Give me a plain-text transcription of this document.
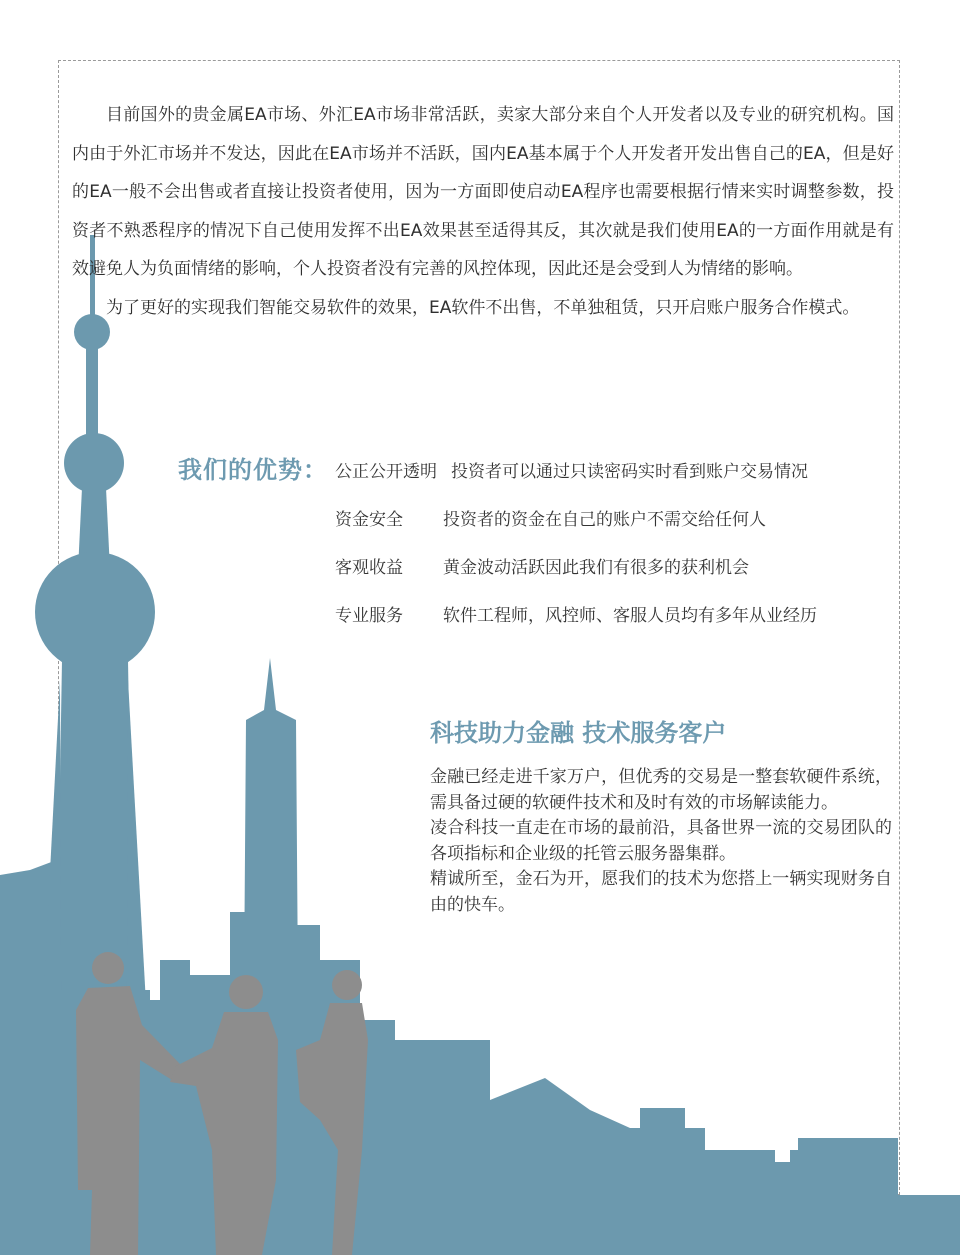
目前国外的贵金属EA市场、外汇EA市场非常活跃，卖家大部分来自个人开发者以及专业的研究机构。国内由于外汇市场并不发达，因此在EA市场并不活跃，国内EA基本属于个人开发者开发出售自己的EA，但是好的EA一般不会出售或者直接让投资者使用，因为一方面即使启动EA程序也需要根据行情来实时调整参数，投资者不熟悉程序的情况下自己使用发挥不出EA效果甚至适得其反，其次就是我们使用EA的一方面作用就是有效避免人为负面情绪的影响，个人投资者没有完善的风控体现，因此还是会受到人为情绪的影响。

为了更好的实现我们智能交易软件的效果，EA软件不出售，不单独租赁，只开启账户服务合作模式。

我们的优势： 公正公开透明 投资者可以通过只读密码实时看到账户交易情况
资金安全	投资者的资金在自己的账户不需交给任何人
客观收益	黄金波动活跃因此我们有很多的获利机会
专业服务	软件工程师，风控师、客服人员均有多年从业经历
科技助力金融 技术服务客户

金融已经走进千家万户，但优秀的交易是一整套软硬件系统，需具备过硬的软硬件技术和及时有效的市场解读能力。

凌合科技一直走在市场的最前沿，具备世界一流的交易团队的各项指标和企业级的托管云服务器集群。

精诚所至，金石为开，愿我们的技术为您搭上一辆实现财务自由的快车。
